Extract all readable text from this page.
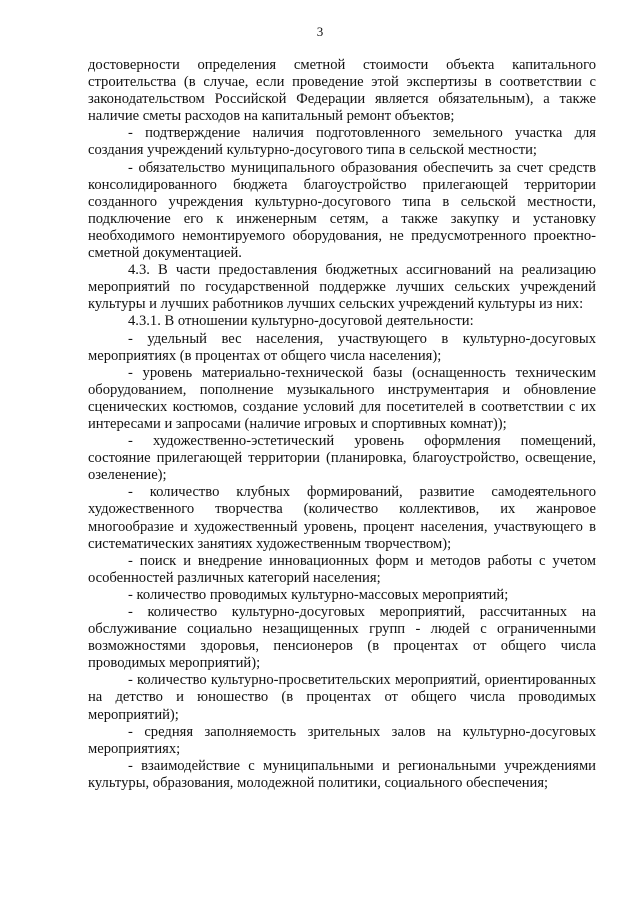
3

достоверности определения сметной стоимости объекта капитального строительства (в случае, если проведение этой экспертизы в соответствии с законодательством Российской Федерации является обязательным), а также наличие сметы расходов на капитальный ремонт объектов;

- подтверждение наличия подготовленного земельного участка для создания учреждений культурно-досугового типа в сельской местности;

- обязательство муниципального образования обеспечить за счет средств консолидированного бюджета благоустройство прилегающей территории созданного учреждения культурно-досугового типа в сельской местности, подключение его к инженерным сетям, а также закупку и установку необходимого немонтируемого оборудования, не предусмотренного проектно-сметной документацией.

4.3. В части предоставления бюджетных ассигнований на реализацию мероприятий по государственной поддержке лучших сельских учреждений культуры и лучших работников лучших сельских учреждений культуры из них:

4.3.1. В отношении культурно-досуговой деятельности:

- удельный вес населения, участвующего в культурно-досуговых мероприятиях (в процентах от общего числа населения);

- уровень материально-технической базы (оснащенность техническим оборудованием, пополнение музыкального инструментария и обновление сценических костюмов, создание условий для посетителей в соответствии с их интересами и запросами (наличие игровых и спортивных комнат));

- художественно-эстетический уровень оформления помещений, состояние прилегающей территории (планировка, благоустройство, освещение, озеленение);

- количество клубных формирований, развитие самодеятельного художественного творчества (количество коллективов, их жанровое многообразие и художественный уровень, процент населения, участвующего в систематических занятиях художественным творчеством);

- поиск и внедрение инновационных форм и методов работы с учетом особенностей различных категорий населения;

- количество проводимых культурно-массовых мероприятий;

- количество культурно-досуговых мероприятий, рассчитанных на обслуживание социально незащищенных групп - людей с ограниченными возможностями здоровья, пенсионеров (в процентах от общего числа проводимых мероприятий);

- количество культурно-просветительских мероприятий, ориентированных на детство и юношество (в процентах от общего числа проводимых мероприятий);

- средняя заполняемость зрительных залов на культурно-досуговых мероприятиях;

- взаимодействие с муниципальными и региональными учреждениями культуры, образования, молодежной политики, социального обеспечения;
